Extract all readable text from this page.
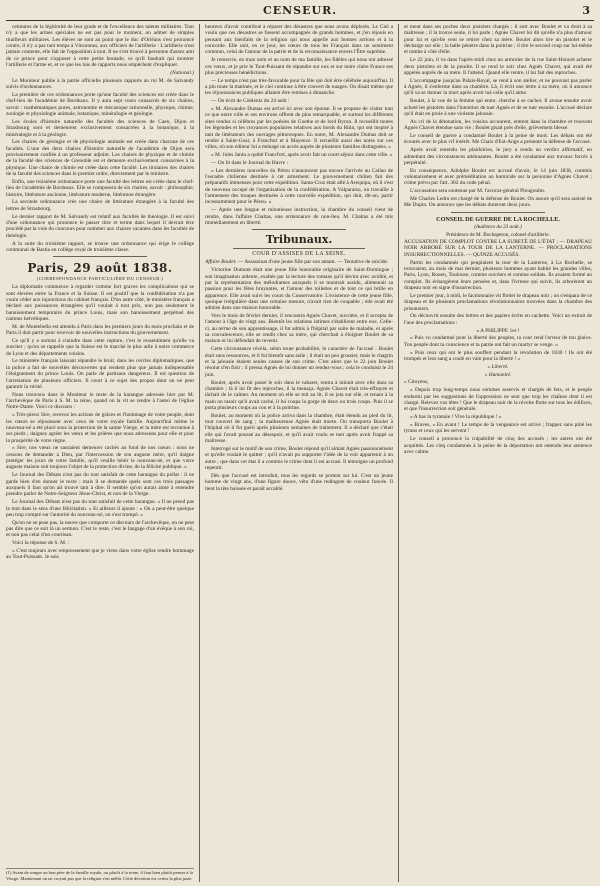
CENSEUR.	3

ceintures de la légitimité de leur grade et de l'excellence des talents militaires. Tout n'y a que les armes spéciales ne est pas pour le moment, on admet de simples tirailleurs militaires. Les élèves ne sont au point que le duc d'Orléans s'est prononcé contre, il n'y a pas tant temps à Vincennes, aux officiers de l'artillerie : L'artillerie n'est jamais contente, elle fait de l'opposition à tout. Il ne s'est trouvé à personne d'assez ami de ce prince pour s'opposer à cette petite boutade, ce qu'il faudrait qui montrer l'artillerie et l'arme et, et ce que les lois de rapports nous empêchent d'expliquer.

(National.)

Le Moniteur publie à la partie officielle plusieurs rapports au roi M. de Salvandy suivis d'ordonnances.

La première de ces ordonnances porte qu'une faculté des sciences est créée dans le chef-lieu de l'académie de Bordeaux. Il y aura sept cours consacrés de six chaires, savoir : mathématiques pures, astronomie et mécanique rationnelle, physique, chimie, zoologie et physiologie animale, botanique, minéralogie et géologie.

Les écoles d'histoire naturelle des facultés des sciences de Caen, Dijon et Strasbourg sont et demeurent exclusivement consacrées à la botanique, à la minéralogie et à la géologie.

Les chaires de géologie et de physiologie animale est créée dans chacune de ces facultés. L'une des deux chaires d'histoire naturelle de l'académie de Dijon sera provisoirement confiée à un professeur adjoint. Les chaires de physique et de chimie de la faculté des sciences de Grenoble est et demeure exclusivement consacrées à la physique. Une chaire de chimie est créée dans cette faculté. Les titulaires des chaires de la faculté des sciences dans le premier ordre, directement par le ministre.

Enfin, une troisième ordonnance porte une faculté des lettres est créée dans le chef-lieu de l'académie de Bordeaux. Elle se composera de six chaires, savoir : philosophie, histoire, littérature ancienne, littérature moderne, littérature étrangère.

La seconde ordonnance crée une chaire de littérature étrangère à la faculté des lettres de Strasbourg.

Le dernier rapport de M. Salvandy est relatif aux facultés de théologie. Il est suivi d'une ordonnance qui prononce le passer titre et terme dans lequel il devrait être procédé par la voie du concours pour nommer aux chaires vacantes dans les facultés de théologie.

A la suite du troisième rapport, se trouve une ordonnance qui érige le collège communal de Bastia en collège royal de troisième classe.

Paris, 29 août 1838.
(CORRESPONDANCE PARTICULIÈRE DU CENSEUR.)

La diplomatie commence à regarder comme fort graves les complications qui se sont élevées entre la France et la Suisse. Il est positif que la confédération n'a pas voulu céder aux injonctions du cabinet français. D'un autre côté, le ministère français a déclaré aux puissances étrangères qu'il voulait à tout prix, non pas seulement le bannissement temporaire du prince Louis, mais son bannissement perpétuel des cantons helvétiques.

M. de Montebello est attendu à Paris dans les premiers jours du mois prochain et de Paris il doit partir pour recevoir de nouvelles instructions du gouvernement.

Ce qu'il y a surtout à craindre dans cette rupture, c'est le ressentiment qu'elle va susciter ; qu'on se rappelle que la Suisse est le marché le plus utile à notre commerce de Lyon et des départements voisins.

Le ministère français laissant répandre le bruit, dans les cercles diplomatiques, que la police a fait de nouvelles découvertes qui rendent plus que jamais indispensable l'éloignement du prince Louis. On parle de partisans dangereux. Il est question de l'arrestation de plusieurs officiers. Il court à ce sujet des propos dont on ne peut garantir la vérité.

Nous trouvons dans le Moniteur le texte de la harangue adressée hier par M. l'archevêque de Paris à S. M. la reine, quand on la vit se rendre à l'autel de l'église Notre-Dame. Voici ce discours :

« Très-pieux Sire, recevez les actions de grâces et l'hommage de votre peuple, dont les cœurs se réjouissent avec ceux de votre royale famille. Aujourd'hui même le nouveau-né a été placé sous la protection de la sainte Vierge, et la mère est reconnue à ses pieds ; daignez agréer les vœux et les prières que nous adressons pour elle et pour la prospérité de votre règne.

« Sire, nos vœux ne sauraient demeurer cachés au fond de nos cœurs : nous ne cessons de demander à Dieu, par l'intercession de son auguste mère, qu'il daigne protéger les jours de votre famille, qu'il veuille bénir le nouveau-né, et que votre auguste maison soit toujours l'objet de la protection divine, de la félicité publique. »

Le Journal des Débats n'est pas du tout satisfait de cette harangue du prélat : il ne garde bien d'en donner le texte ; mais il se demande quels sont ces trois passages auxquels il faut qu'on ait trouvé tant à dire. Il semble qu'on aurait aimé à entendre prendre parler de Notre-Seigneur Jésus-Christ, et non de la Vierge.

Le Journal des Débats n'est pas du tout satisfait de cette harangue. « Il ne prend pas le mot dans le sens d'une félicitation. » Et ailleurs il ajoute : « On a peut-être quelque peu trop compté sur l'autorité du nouveau-né, on s'est trompé. »

Qu'on ne se pose pas, la neuve que comporte ce discours de l'archevêque, on ne peut pas dire que ce soit là un sermon. C'est le reste, c'est le langage d'un évêque à son roi, et non pas celui d'un courtisan.

Voici la réponse de S. M. :

« C'est toujours avec empressement que je viens dans votre église rendre hommage au Tout-Puissant. Je suis

(1) Avant de songer au bon père de la famille royale, ou plutôt à la reine, il faut bien plutôt penser à la Vierge. Maintenant on ne croyait pas que la religion s'en mêlât. Cette dévotion est certes la plus juste.

heureux d'avoir contribué à réparer des désastres que nous avons déplorés. Le Ciel a voulu que ces désastres se fussent accompagnés de grands hommes, et j'en réjouis en pensant aux bienfaits de la religion qui nous appelle aux bonnes actions et à la concorde. Elle unit, en ce jour, les cœurs de tous les Français dans un sentiment commun, celui de l'amour de la patrie et de la reconnaissance envers l'Être suprême.

Je remercie, en mon nom et au nom de ma famille, les fidèles qui nous ont adressé ces vœux, et je prie le Tout-Puissant de répandre sur eux et sur notre chère France ses plus précieuses bénédictions.

— Le temps n'est pas très-favorable pour la fête qui doit être célébrée aujourd'hui. Il a plu toute la matinée, et le ciel continue à être couvert de nuages. On disait même que les réjouissances publiques allaient être remises à dimanche.

— On écrit de Coblentz du 24 août :

« M. Alexandre Dumas est arrivé ici avec son épouse. Il se propose de visiter tout ce que notre ville et ses environs offrent de plus remarquable, et surtout les différents sites rendus si célèbres par les poésies de Goethe et de lord Byron. Il recueillit toutes les légendes et les croyances populaires relatives aux bords du Rhin, qui ont inspiré à tant de littérateurs des ouvrages pittoresques. En outre, M. Alexandre Dumas doit se rendre à Saint-Goar, à Francfort et à Mayence. Il recueillit aussi des notes sur ces villes, où son éditeur lui a ménagé un accès auprès de plusieurs familles distinguées. »

« M. Jules Janin a quitté Francfort, après avoir fait un court séjour dans cette ville. »

— On lit dans le Journal du Havre :

« Les dernières nouvelles du Pérou n'annoncent pas encore l'arrivée au Callao de l'escadre chilienne destinée à cet armement. Le gouvernement chilien fait des préparatifs immenses pour cette expédition. Santa-Cruz était allé à Arequipa, où il s'est de nouveau occupé de l'organisation de la confédération. A Valparaiso, on travaille à l'armement des troupes destinées à cette nouvelle expédition, qui doit, dit-on, partir incessamment pour le Pérou. »

— Après une longue et minutieuse instruction, la chambre du conseil vient de rendre, dans l'affaire Chaltas, une ordonnance de non-lieu. M. Chaltas a été mis immédiatement en liberté.

Tribunaux.
COUR D'ASSISES DE LA SEINE.

Affaire Boulet. — Assassinat d'une jeune fille par son amant. — Tentative de suicide.

Victorine Dumont était une jeune fille honorable originaire de Saint-Domingue ; son imagination ardente, exaltée par la lecture des romans qu'il devint avec avidité, et par la représentation des mélodrames auxquels il se montrait assidu, alimentait sa passion pour les fêtes bruyantes, et l'amour des toilettes et de tout ce qui brille en apparence. Elle avait suivi les cours du Conservatoire. L'existence de cette jeune fille, quoique irrégulière dans une certaine mesure, n'avait rien de coupable ; elle avait été admise dans une maison honorable.

Vers le mois de février dernier, il rencontra Agnès Chavet, ouvrière, et il accepta de l'amour à l'âge de vingt ans. Bientôt les relations intimes s'établirent entre eux. Celle-ci, au terme de son apprentissage, il fut admis à l'hôpital par suite de maladie, et après sa convalescence, elle se rendit chez sa mère, qui cherchait à éloigner Boulet de sa maison et lui défendait de revenir.

Cette circonstance révéla, selon toute probabilité, le caractère de l'accusé : Boulet était sans ressources, et il fut bientôt sans asile ; il était un peu grossier, mais le chagrin et la jalousie étaient seules causes de son crime. C'est alors que le 22 juin Boulet résolut d'en finir ; il pressa Agnès de lui donner un rendez-vous ; cela le conduisit le 24 juin.

Boulet, après avoir passé le soir dans le cabaret, rentra à minuit avec elle dans sa chambre ; là il lui fit des reproches, il la menaça. Agnès Chavet était très-effrayée et tâchait de le calmer. Au moment où elle se mit au lit, il se jeta sur elle, et tenant à la main un rasoir qu'il avait caché, il lui coupa la gorge de deux ou trois coups. Puis il se porta plusieurs coups au cou et à la poitrine.

Boulet, au moment où la police arriva dans la chambre, était étendu au pied du lit, tout couvert de sang ; la malheureuse Agnès était morte. On transporta Boulet à l'hôpital où il fut guéri après plusieurs semaines de traitement. Il a déclaré que c'était elle qui l'avait poussé au désespoir, et qu'il avait voulu se tuer après avoir frappé sa maîtresse.

Interrogé sur le motif de son crime, Boulet répond qu'il aimait Agnès passionnément et qu'elle voulait le quitter ; qu'il n'avait pu supporter l'idée de la voir appartenir à un autre ; que dans cet état il a commis le crime dont il est accusé. Il témoigne un profond repentir.

Dès que l'accusé est introduit, tous les regards se portent sur lui. C'est un jeune homme de vingt ans, d'une figure douce, vêtu d'une redingote de couleur foncée. Il tient la tête baissée et paraît accablé.

et meut dans ses poches deux pistolets chargés ; il sort avec Boulet et va droit à sa maîtresse ; il la trouve seule, il lui parle ; Agnès Chavet lui dit qu'elle n'a plus d'amour pour lui et qu'elle veut se retirer chez sa mère. Boulet alors tire un pistolet et le décharge sur elle ; la balle pénètre dans la poitrine ; il tire le second coup sur lui-même et tombe à côté d'elle.

Le 22 juin, il va dans l'après-midi chez un armurier de la rue Saint-Honoré acheter deux pistolets et de la poudre. Il se rend le soir chez Agnès Chavet, qui avait été appelée auprès de sa mère. Il l'attend. Quand elle rentre, il lui fait des reproches.

L'accompagne jusqu'au Palais-Royal, se rend à son atelier, et ne pouvant pas parler à Agnès, il s'enferme dans sa chambre. Là, il écrit une lettre à sa mère, où il annonce qu'il va se donner la mort après avoir tué celle qu'il aime.

Boulet, à la vue de la femme qui entre, cherche à se cacher. Il avoue ensuite avoir acheté les pistolets dans l'intention de tuer Agnès et de se tuer ensuite. L'accusé déclare qu'il était en proie à une violente jalousie.

Au cri de la détonation, les voisins accourent, entrent dans la chambre et trouvent Agnès Chavet étendue sans vie ; Boulet gisait près d'elle, grièvement blessé.

Le conseil de guerre a condamné Boulet à la peine de mort. Les débats ont été écoutés avec le plus vif intérêt. Me Chaix d'Est-Ange a présenté la défense de l'accusé.

Après avoir entendu les plaidoiries, le jury a rendu un verdict affirmatif, en admettant des circonstances atténuantes. Boulet a été condamné aux travaux forcés à perpétuité.

En conséquence, Adolphe Boulet est accusé d'avoir, le 14 juin 1838, commis volontairement et avec préméditation un homicide sur la personne d'Agnès Chavet ; crime prévu par l'art. 302 du code pénal.

L'accusation sera soutenue par M. l'avocat-général Plougoulm.

Me Charles Ledru est chargé de la défense de Boulet. On assure qu'il sera assisté de Me Dupin. On annonce que les débats dureront deux jours.

CONSEIL DE GUERRE DE LA ROCHELLE.
(Audience du 23 août.)
Présidence de M. Bochaperon, colonel d'artillerie.

ACCUSATION DE COMPLOT CONTRE LA SURETÉ DE L'ÉTAT ; — DRAPEAU NOIR ARBORÉ SUR LA TOUR DE LA LANTERNE. — PROCLAMATIONS INSURRECTIONNELLES. — QUINZE ACCUSÉS.

Parmi les condamnés qui peuplaient la tour de la Lanterne, à La Rochelle, se trouvaient, au mois de mai dernier, plusieurs hommes ayant habité les grandes villes, Paris, Lyon, Rouen, Toulouse, comme ouvriers et comme soldats. Ils avaient formé un complot. Ils échangèrent leurs pensées et, dans l'ivresse qui suivit, ils arborèrent un drapeau noir en signe d'insurrection.

Le premier jour, à midi, le factionnaire vit flotter le drapeau noir ; on s'empara de ce drapeau et de plusieurs proclamations révolutionnaires trouvées dans la chambre des prisonniers.

On découvrit ensuite des lettres et des papiers écrits en cachette. Voici un extrait de l'une des proclamations :

« A PHILIPPE 1er !

« Puis vu condamné pour la liberté des peuples, ta cour rend l'erreur de ton glaive. Ton peuple dont ta conscience et ta patrie ont fait un martyr se venge. »

« Puis ceux qui ont le plus souffert pendant la révolution de 1830 ! Ils ont été trompés et leur sang a coulé en vain pour la liberté ! »

« Liberté.

« Humanité.

« Citoyens,

« Depuis trop long-temps nous sommes asservis et chargés de fers, et le peuple endormi par les suggestions de l'oppression ne sent que trop les chaînes dont il est chargé. Relevez vos têtes ! Que le drapeau noir de la révolte flotte sur tous les édifices, et que l'insurrection soit générale.

« A bas la tyrannie ! Vive la république ! »

« Braves, » En avant ! Le temps de la vengeance est arrivé ; frappez sans pitié les tyrans et ceux qui les servent !

Le conseil a prononcé la culpabilité de cinq des accusés ; les autres ont été acquittés. Les cinq condamnés à la peine de la déportation ont entendu leur sentence avec calme.
